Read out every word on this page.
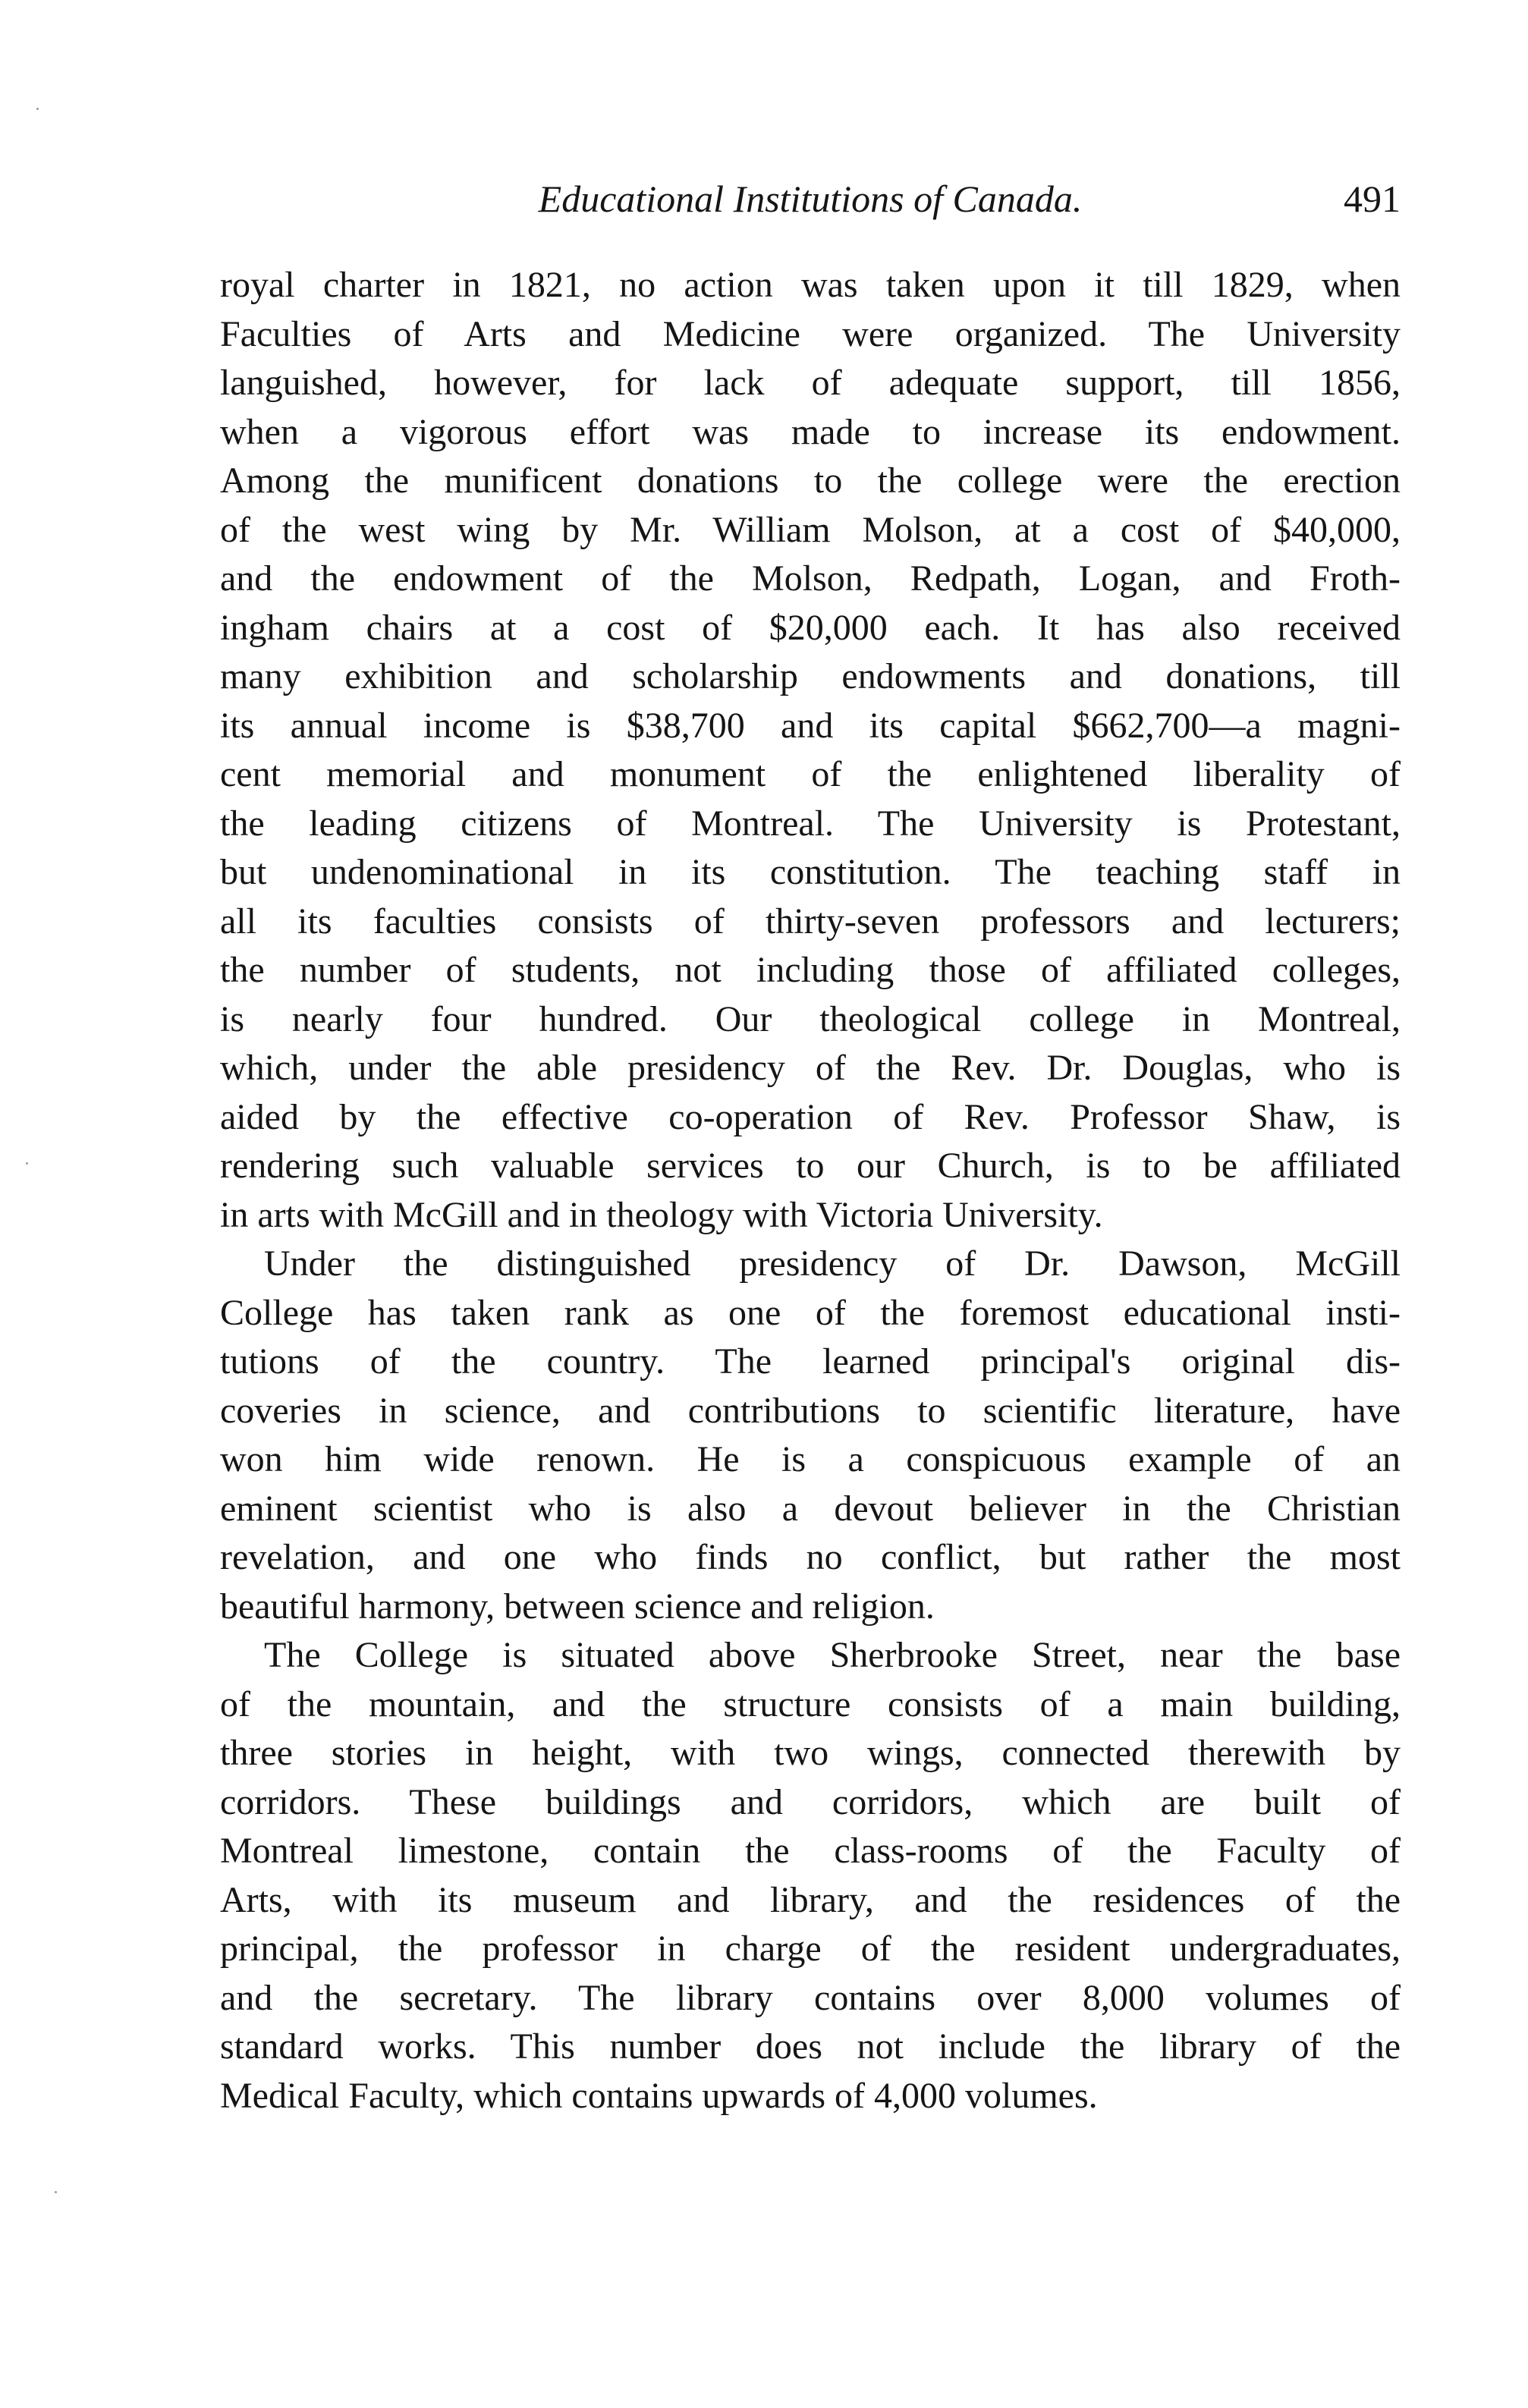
Educational Institutions of Canada.	491
royal charter in 1821, no action was taken upon it till 1829, when
Faculties of Arts and Medicine were organized. The University
languished, however, for lack of adequate support, till 1856,
when a vigorous effort was made to increase its endowment.
Among the munificent donations to the college were the erection
of the west wing by Mr. William Molson, at a cost of $40,000,
and the endowment of the Molson, Redpath, Logan, and Froth-
ingham chairs at a cost of $20,000 each. It has also received
many exhibition and scholarship endowments and donations, till
its annual income is $38,700 and its capital $662,700—a magni-
cent memorial and monument of the enlightened liberality of
the leading citizens of Montreal. The University is Protestant,
but undenominational in its constitution. The teaching staff in
all its faculties consists of thirty-seven professors and lecturers;
the number of students, not including those of affiliated colleges,
is nearly four hundred. Our theological college in Montreal,
which, under the able presidency of the Rev. Dr. Douglas, who is
aided by the effective co-operation of Rev. Professor Shaw, is
rendering such valuable services to our Church, is to be affiliated
in arts with McGill and in theology with Victoria University.
Under the distinguished presidency of Dr. Dawson, McGill
College has taken rank as one of the foremost educational insti-
tutions of the country. The learned principal's original dis-
coveries in science, and contributions to scientific literature, have
won him wide renown. He is a conspicuous example of an
eminent scientist who is also a devout believer in the Christian
revelation, and one who finds no conflict, but rather the most
beautiful harmony, between science and religion.
The College is situated above Sherbrooke Street, near the base
of the mountain, and the structure consists of a main building,
three stories in height, with two wings, connected therewith by
corridors. These buildings and corridors, which are built of
Montreal limestone, contain the class-rooms of the Faculty of
Arts, with its museum and library, and the residences of the
principal, the professor in charge of the resident undergraduates,
and the secretary. The library contains over 8,000 volumes of
standard works. This number does not include the library of the
Medical Faculty, which contains upwards of 4,000 volumes.
